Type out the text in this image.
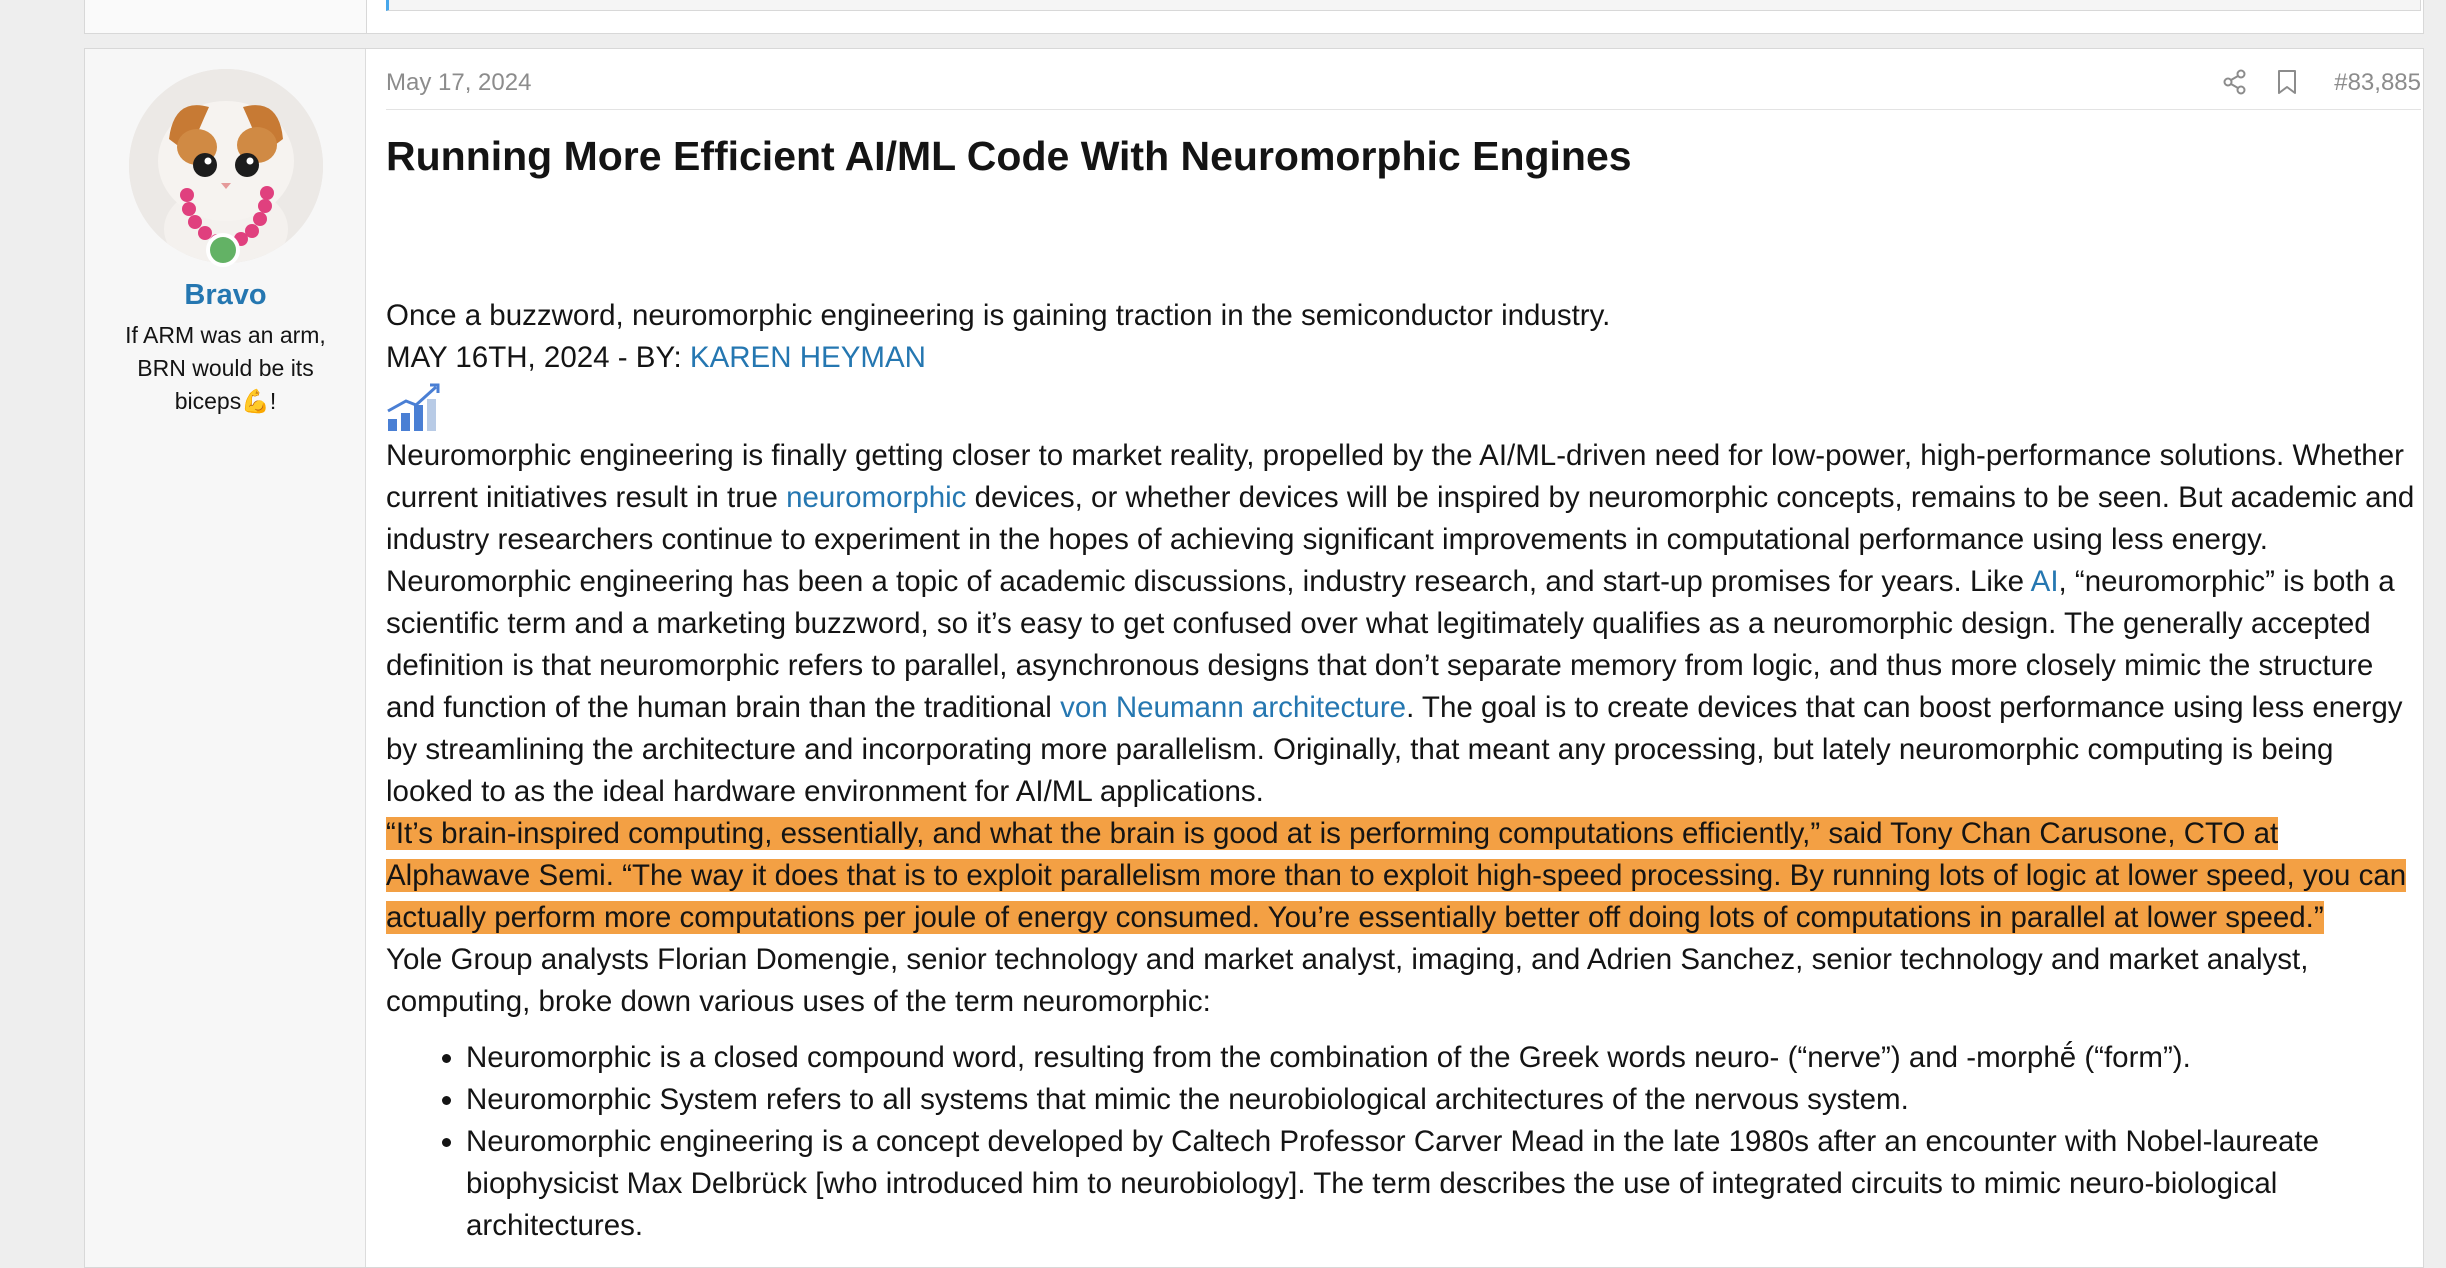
Bravo
If ARM was an arm, BRN would be its biceps💪!
May 17, 2024	#83,885
Running More Efficient AI/ML Code With Neuromorphic Engines

Once a buzzword, neuromorphic engineering is gaining traction in the semiconductor industry.

MAY 16TH, 2024 - BY: KAREN HEYMAN

Neuromorphic engineering is finally getting closer to market reality, propelled by the AI/ML-driven need for low-power, high-performance solutions. Whether current initiatives result in true neuromorphic devices, or whether devices will be inspired by neuromorphic concepts, remains to be seen. But academic and industry researchers continue to experiment in the hopes of achieving significant improvements in computational performance using less energy.

Neuromorphic engineering has been a topic of academic discussions, industry research, and start-up promises for years. Like AI, “neuromorphic” is both a scientific term and a marketing buzzword, so it’s easy to get confused over what legitimately qualifies as a neuromorphic design. The generally accepted definition is that neuromorphic refers to parallel, asynchronous designs that don’t separate memory from logic, and thus more closely mimic the structure and function of the human brain than the traditional von Neumann architecture. The goal is to create devices that can boost performance using less energy by streamlining the architecture and incorporating more parallelism. Originally, that meant any processing, but lately neuromorphic computing is being looked to as the ideal hardware environment for AI/ML applications.

“It’s brain-inspired computing, essentially, and what the brain is good at is performing computations efficiently,” said Tony Chan Carusone, CTO at Alphawave Semi. “The way it does that is to exploit parallelism more than to exploit high-speed processing. By running lots of logic at lower speed, you can actually perform more computations per joule of energy consumed. You’re essentially better off doing lots of computations in parallel at lower speed.”

Yole Group analysts Florian Domengie, senior technology and market analyst, imaging, and Adrien Sanchez, senior technology and market analyst, computing, broke down various uses of the term neuromorphic:

• Neuromorphic is a closed compound word, resulting from the combination of the Greek words neuro- (“nerve”) and -morphḗ (“form”).
• Neuromorphic System refers to all systems that mimic the neurobiological architectures of the nervous system.
• Neuromorphic engineering is a concept developed by Caltech Professor Carver Mead in the late 1980s after an encounter with Nobel-laureate biophysicist Max Delbrück [who introduced him to neurobiology]. The term describes the use of integrated circuits to mimic neuro-biological architectures.
